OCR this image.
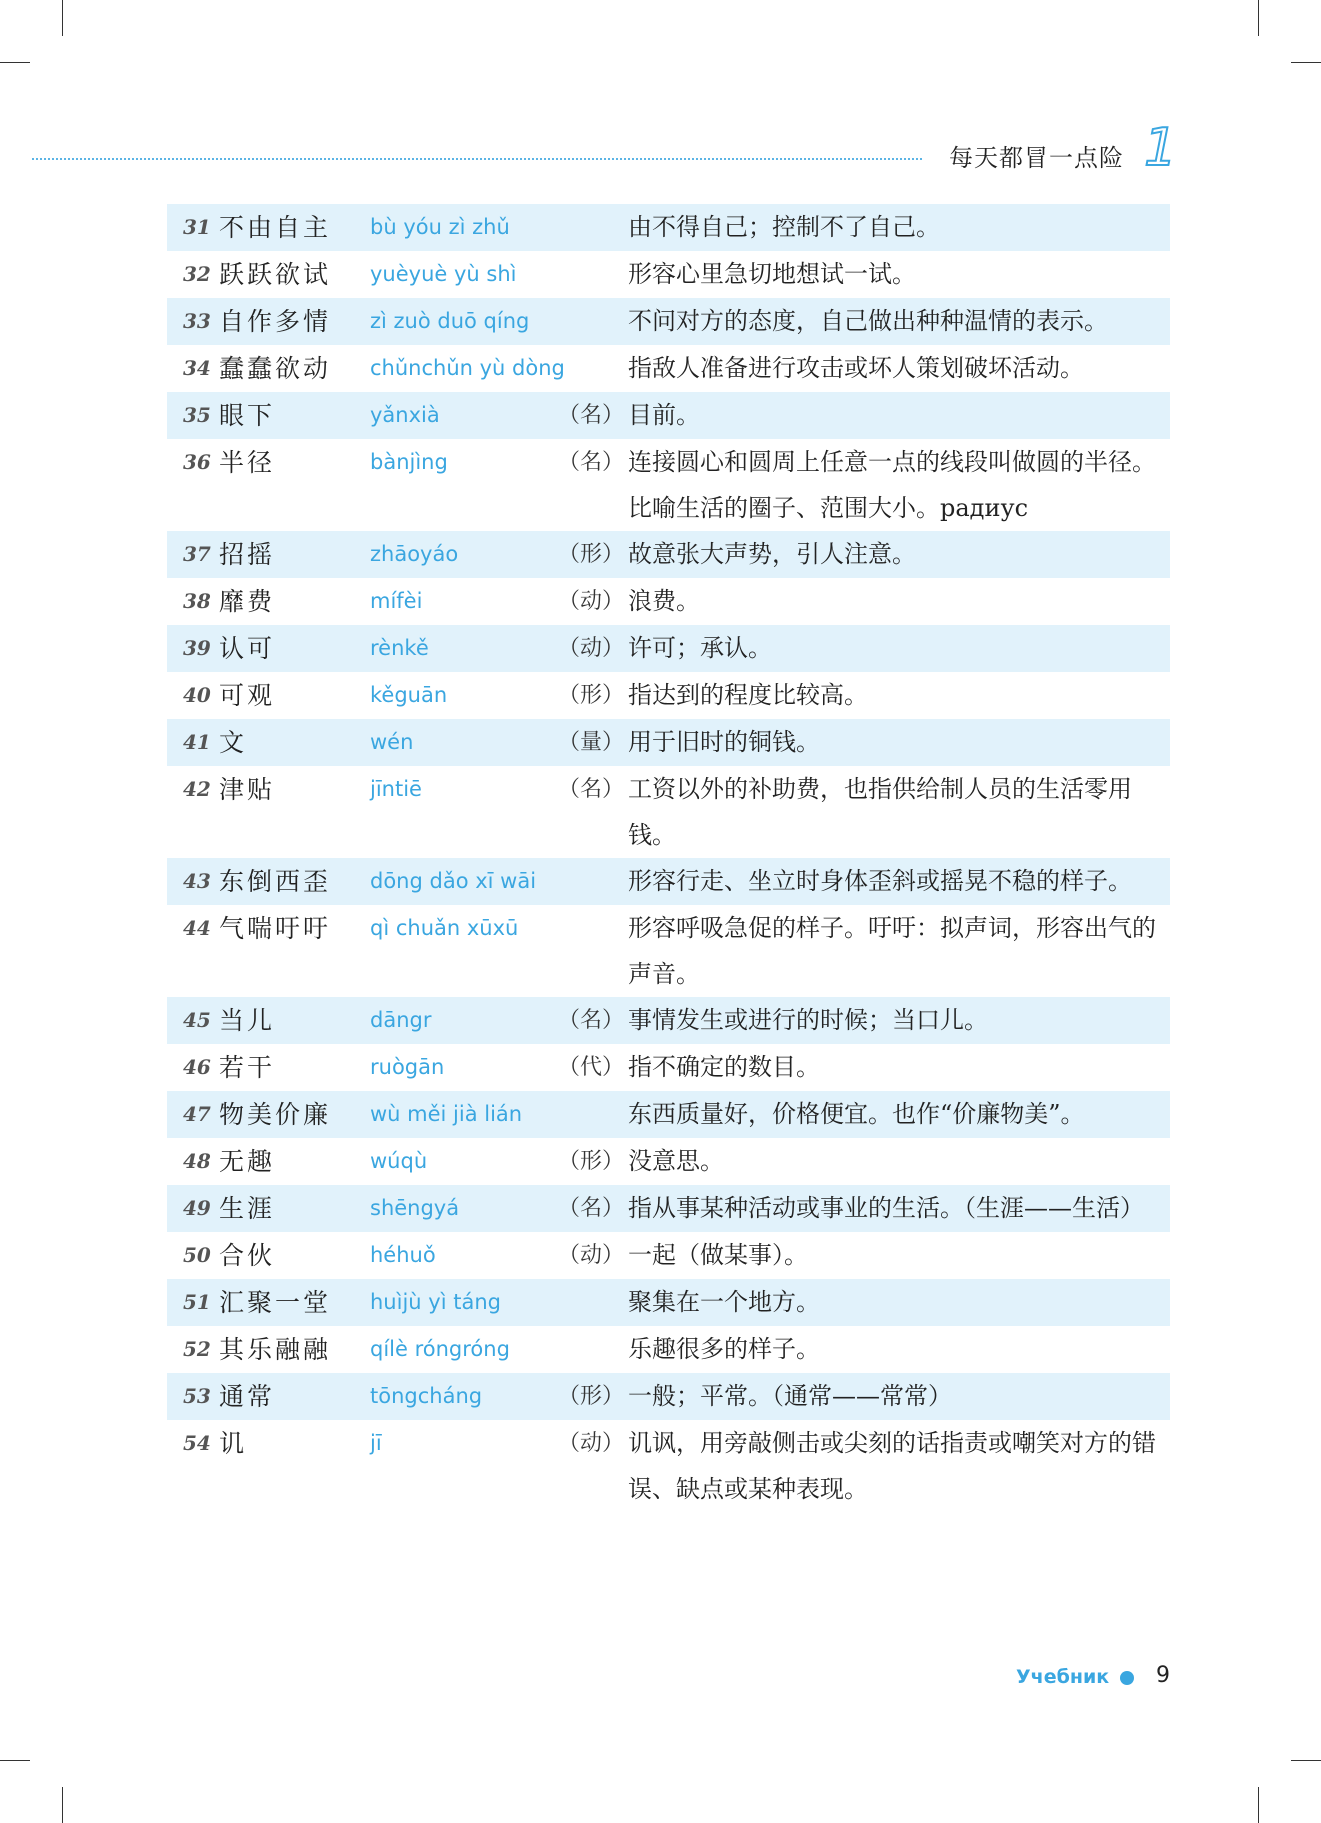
每天都冒一点险 1
31 不由自主	bù yóu zì zhǔ	由不得自己；控制不了自己。
32 跃跃欲试	yuèyuè yù shì	形容心里急切地想试一试。
33 自作多情	zì zuò duō qíng	不问对方的态度，自己做出种种温情的表示。
34 蠢蠢欲动	chǔnchǔn yù dòng	指敌人准备进行攻击或坏人策划破坏活动。
35 眼下	yǎnxià	（名） 目前。
36 半径	bànjìng	（名） 连接圆心和圆周上任意一点的线段叫做圆的半径。比喻生活的圈子、范围大小。радиус
37 招摇	zhāoyáo	（形） 故意张大声势，引人注意。
38 靡费	mífèi	（动） 浪费。
39 认可	rènkě	（动） 许可；承认。
40 可观	kěguān	（形） 指达到的程度比较高。
41 文	wén	（量） 用于旧时的铜钱。
42 津贴	jīntiē	（名） 工资以外的补助费，也指供给制人员的生活零用钱。
43 东倒西歪	dōng dǎo xī wāi	形容行走、坐立时身体歪斜或摇晃不稳的样子。
44 气喘吁吁	qì chuǎn xūxū	形容呼吸急促的样子。吁吁：拟声词，形容出气的声音。
45 当儿	dāngr	（名） 事情发生或进行的时候；当口儿。
46 若干	ruògān	（代） 指不确定的数目。
47 物美价廉	wù měi jià lián	东西质量好，价格便宜。也作“价廉物美”。
48 无趣	wúqù	（形） 没意思。
49 生涯	shēngyá	（名） 指从事某种活动或事业的生活。（生涯——生活）
50 合伙	héhuǒ	（动） 一起（做某事）。
51 汇聚一堂	huìjù yì táng	聚集在一个地方。
52 其乐融融	qílè róngróng	乐趣很多的样子。
53 通常	tōngcháng	（形） 一般；平常。（通常——常常）
54 讥	jī	（动） 讥讽，用旁敲侧击或尖刻的话指责或嘲笑对方的错误、缺点或某种表现。
Учебник 9
